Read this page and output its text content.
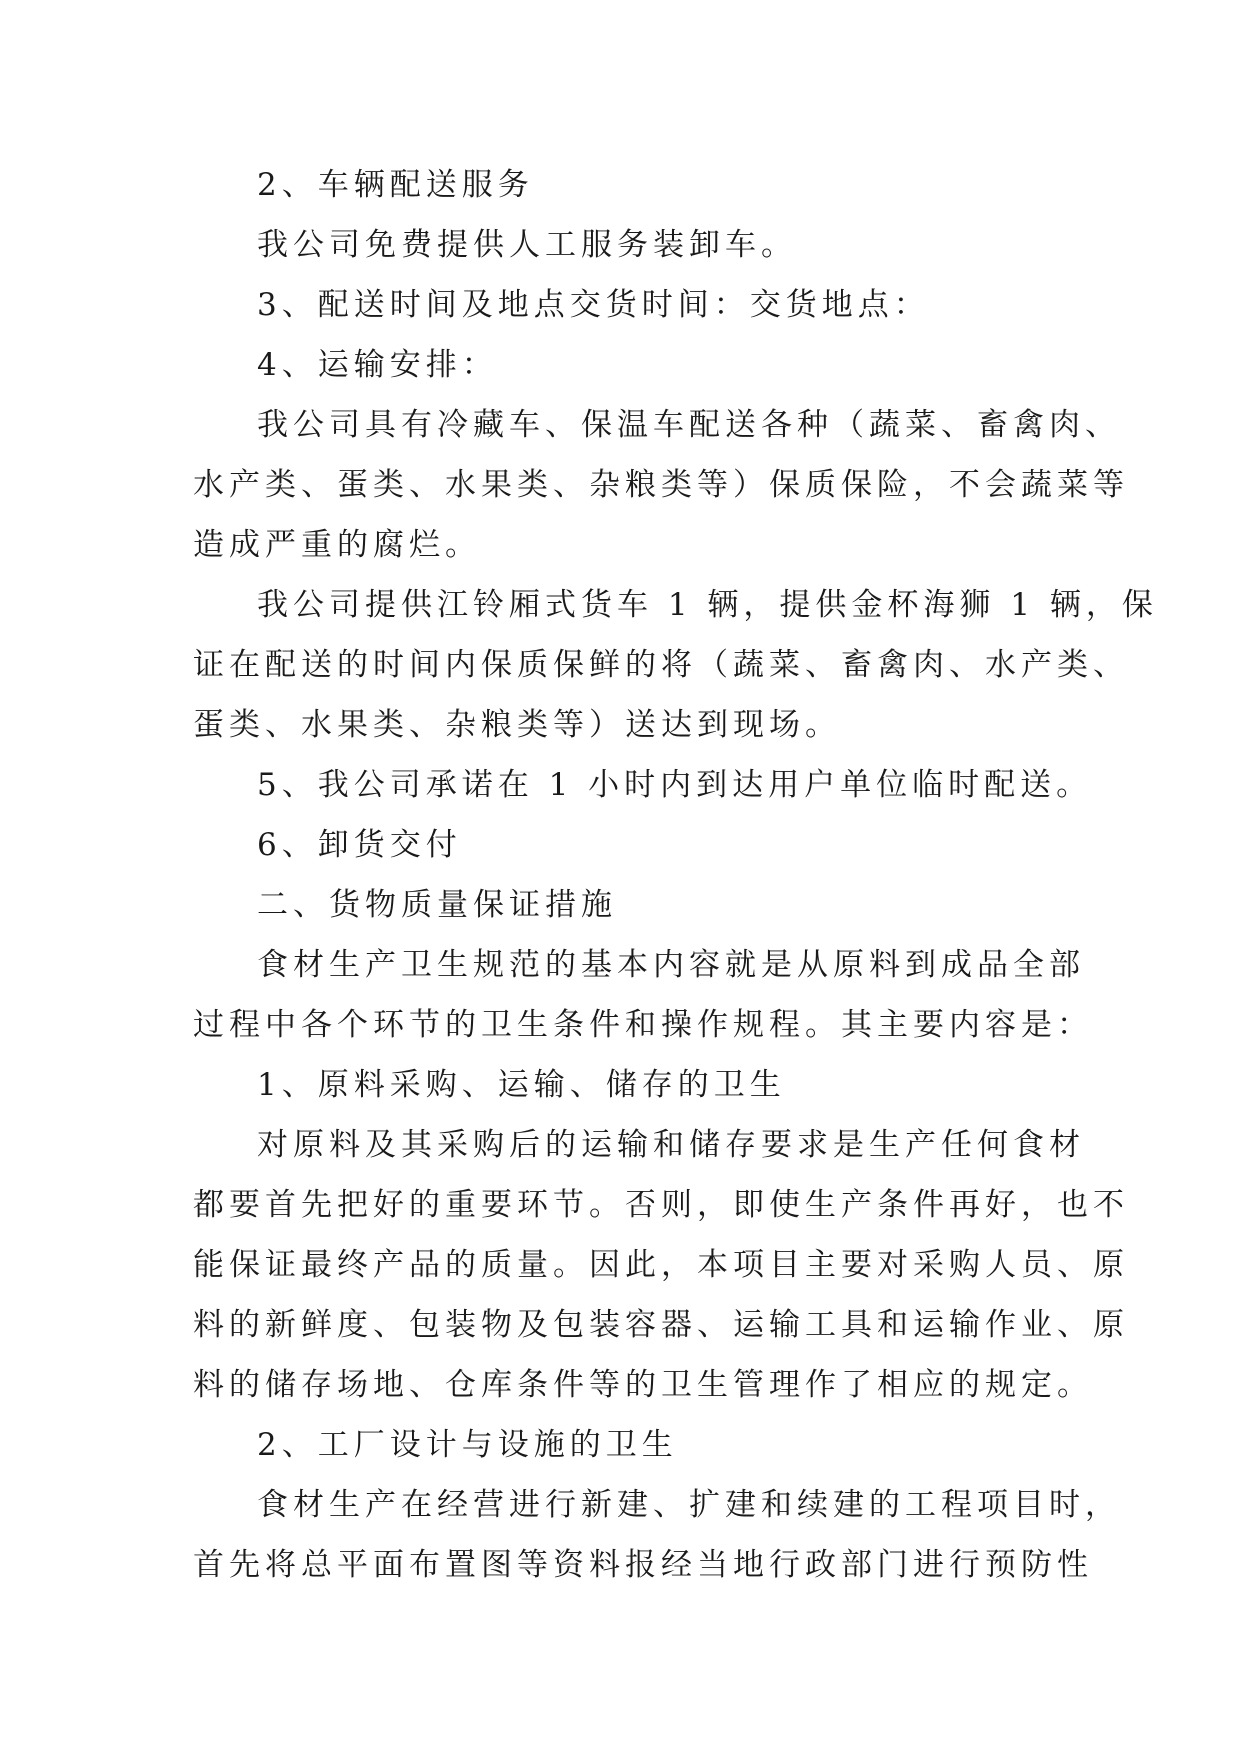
2、车辆配送服务
我公司免费提供人工服务装卸车。
3、配送时间及地点交货时间：交货地点：
4、运输安排：
我公司具有冷藏车、保温车配送各种（蔬菜、畜禽肉、
水产类、蛋类、水果类、杂粮类等）保质保险，不会蔬菜等
造成严重的腐烂。
我公司提供江铃厢式货车 1 辆，提供金杯海狮 1 辆，保
证在配送的时间内保质保鲜的将（蔬菜、畜禽肉、水产类、
蛋类、水果类、杂粮类等）送达到现场。
5、我公司承诺在 1 小时内到达用户单位临时配送。
6、卸货交付
二、货物质量保证措施
食材生产卫生规范的基本内容就是从原料到成品全部
过程中各个环节的卫生条件和操作规程。其主要内容是：
1、原料采购、运输、储存的卫生
对原料及其采购后的运输和储存要求是生产任何食材
都要首先把好的重要环节。否则，即使生产条件再好，也不
能保证最终产品的质量。因此，本项目主要对采购人员、原
料的新鲜度、包装物及包装容器、运输工具和运输作业、原
料的储存场地、仓库条件等的卫生管理作了相应的规定。
2、工厂设计与设施的卫生
食材生产在经营进行新建、扩建和续建的工程项目时，
首先将总平面布置图等资料报经当地行政部门进行预防性
